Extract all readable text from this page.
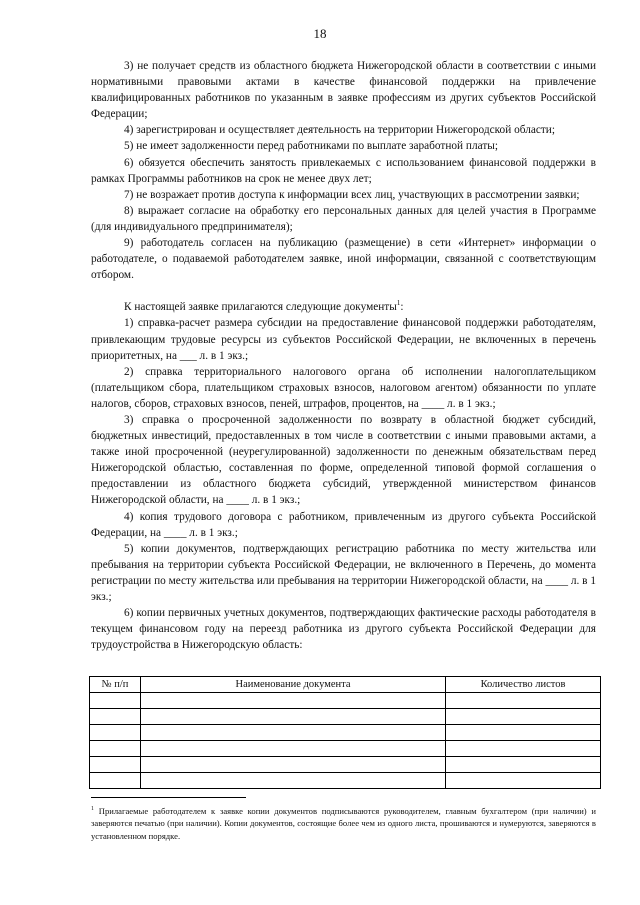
18

3) не получает средств из областного бюджета Нижегородской области в соответствии с иными нормативными правовыми актами в качестве финансовой поддержки на привлечение квалифицированных работников по указанным в заявке профессиям из других субъектов Российской Федерации;

4) зарегистрирован и осуществляет деятельность на территории Нижегородской области;

5) не имеет задолженности перед работниками по выплате заработной платы;

6) обязуется обеспечить занятость привлекаемых с использованием финансовой поддержки в рамках Программы работников на срок не менее двух лет;

7) не возражает против доступа к информации всех лиц, участвующих в рассмотрении заявки;

8) выражает согласие на обработку его персональных данных для целей участия в Программе (для индивидуального предпринимателя);

9) работодатель согласен на публикацию (размещение) в сети «Интернет» информации о работодателе, о подаваемой работодателем заявке, иной информации, связанной с соответствующим отбором.

К настоящей заявке прилагаются следующие документы$^1$:

1) справка-расчет размера субсидии на предоставление финансовой поддержки работодателям, привлекающим трудовые ресурсы из субъектов Российской Федерации, не включенных в перечень приоритетных, на ___ л. в 1 экз.;

2) справка территориального налогового органа об исполнении налогоплательщиком (плательщиком сбора, плательщиком страховых взносов, налоговом агентом) обязанности по уплате налогов, сборов, страховых взносов, пеней, штрафов, процентов, на ____ л. в 1 экз.;

3) справка о просроченной задолженности по возврату в областной бюджет субсидий, бюджетных инвестиций, предоставленных в том числе в соответствии с иными правовыми актами, а также иной просроченной (неурегулированной) задолженности по денежным обязательствам перед Нижегородской областью, составленная по форме, определенной типовой формой соглашения о предоставлении из областного бюджета субсидий, утвержденной министерством финансов Нижегородской области, на ____ л. в 1 экз.;

4) копия трудового договора с работником, привлеченным из другого субъекта Российской Федерации, на ____ л. в 1 экз.;

5) копии документов, подтверждающих регистрацию работника по месту жительства или пребывания на территории субъекта Российской Федерации, не включенного в Перечень, до момента регистрации по месту жительства или пребывания на территории Нижегородской области, на ____ л. в 1 экз.;

6) копии первичных учетных документов, подтверждающих фактические расходы работодателя в текущем финансовом году на переезд работника из другого субъекта Российской Федерации для трудоустройства в Нижегородскую область:

№ п/п	Наименование документа	Количество листов

$^1$ Прилагаемые работодателем к заявке копии документов подписываются руководителем, главным бухгалтером (при наличии) и заверяются печатью (при наличии). Копии документов, состоящие более чем из одного листа, прошиваются и нумеруются, заверяются в установленном порядке.
